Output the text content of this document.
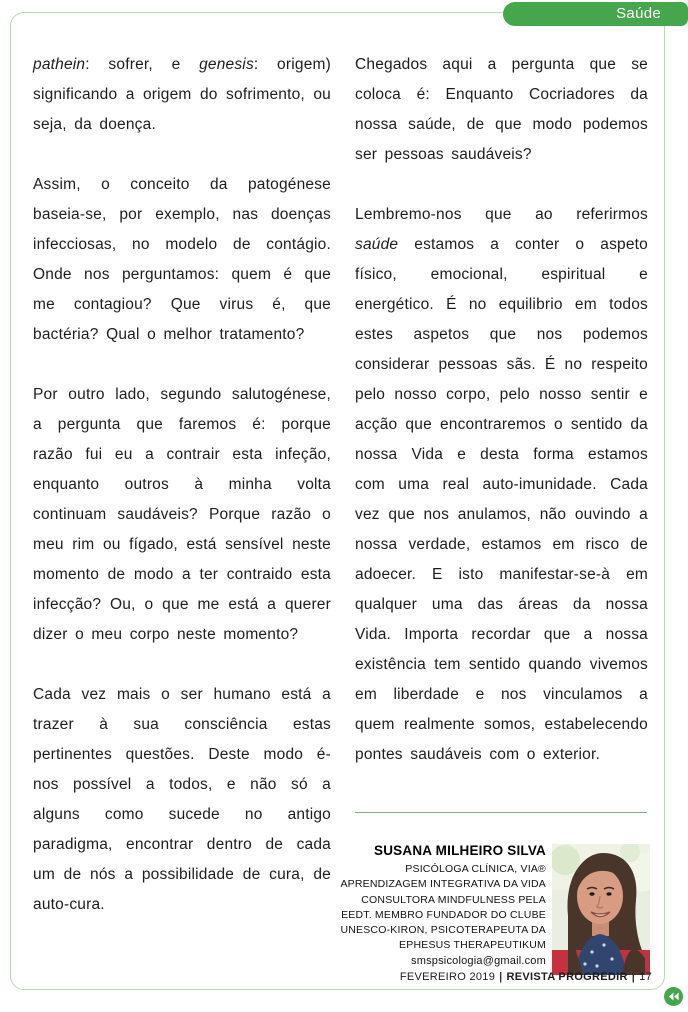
Saúde

pathein: sofrer, e genesis: origem) significando a origem do sofrimento, ou seja, da doença.

Assim, o conceito da patogénese baseia-se, por exemplo, nas doenças infecciosas, no modelo de contágio. Onde nos perguntamos: quem é que me contagiou? Que virus é, que bactéria? Qual o melhor tratamento?

Por outro lado, segundo salutogénese, a pergunta que faremos é: porque razão fui eu a contrair esta infeção, enquanto outros à minha volta continuam saudáveis? Porque razão o meu rim ou fígado, está sensível neste momento de modo a ter contraido esta infecção? Ou, o que me está a querer dizer o meu corpo neste momento?

Cada vez mais o ser humano está a trazer à sua consciência estas pertinentes questões. Deste modo é-nos possível a todos, e não só a alguns como sucede no antigo paradigma, encontrar dentro de cada um de nós a possibilidade de cura, de auto-cura.

Chegados aqui a pergunta que se coloca é: Enquanto Cocriadores da nossa saúde, de que modo podemos ser pessoas saudáveis?

Lembremo-nos que ao referirmos saúde estamos a conter o aspeto físico, emocional, espiritual e energético. É no equilibrio em todos estes aspetos que nos podemos considerar pessoas sãs. É no respeito pelo nosso corpo, pelo nosso sentir e acção que encontraremos o sentido da nossa Vida e desta forma estamos com uma real auto-imunidade. Cada vez que nos anulamos, não ouvindo a nossa verdade, estamos em risco de adoecer. E isto manifestar-se-à em qualquer uma das áreas da nossa Vida. Importa recordar que a nossa existência tem sentido quando vivemos em liberdade e nos vinculamos a quem realmente somos, estabelecendo pontes saudáveis com o exterior.

SUSANA MILHEIRO SILVA
PSICÓLOGA CLÍNICA, VIA®
APRENDIZAGEM INTEGRATIVA DA VIDA
CONSULTORA MINDFULNESS PELA
EEDT. MEMBRO FUNDADOR DO CLUBE
UNESCO-KIRON, PSICOTERAPEUTA DA
EPHESUS THERAPEUTIKUM
smspsicologia@gmail.com
FEVEREIRO 2019 | REVISTA PROGREDIR | 17
